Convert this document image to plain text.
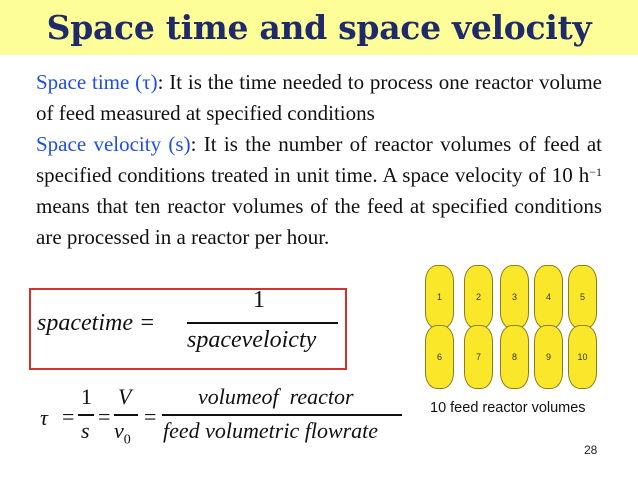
Space time and space velocity
Space time (τ): It is the time needed to process one reactor volume of feed measured at specified conditions
Space velocity (s): It is the number of reactor volumes of feed at specified conditions treated in unit time. A space velocity of 10 $h^{-1}$ means that ten reactor volumes of the feed at specified conditions are processed in a reactor per hour.
spacetime =
1
spaceveloicty
τ =
1
s
=
V
$v_0$
=
volumeof  reactor
feed volumetric flowrate
1	2	3	4	5
6	7	8	9	10
10 feed reactor volumes
28
